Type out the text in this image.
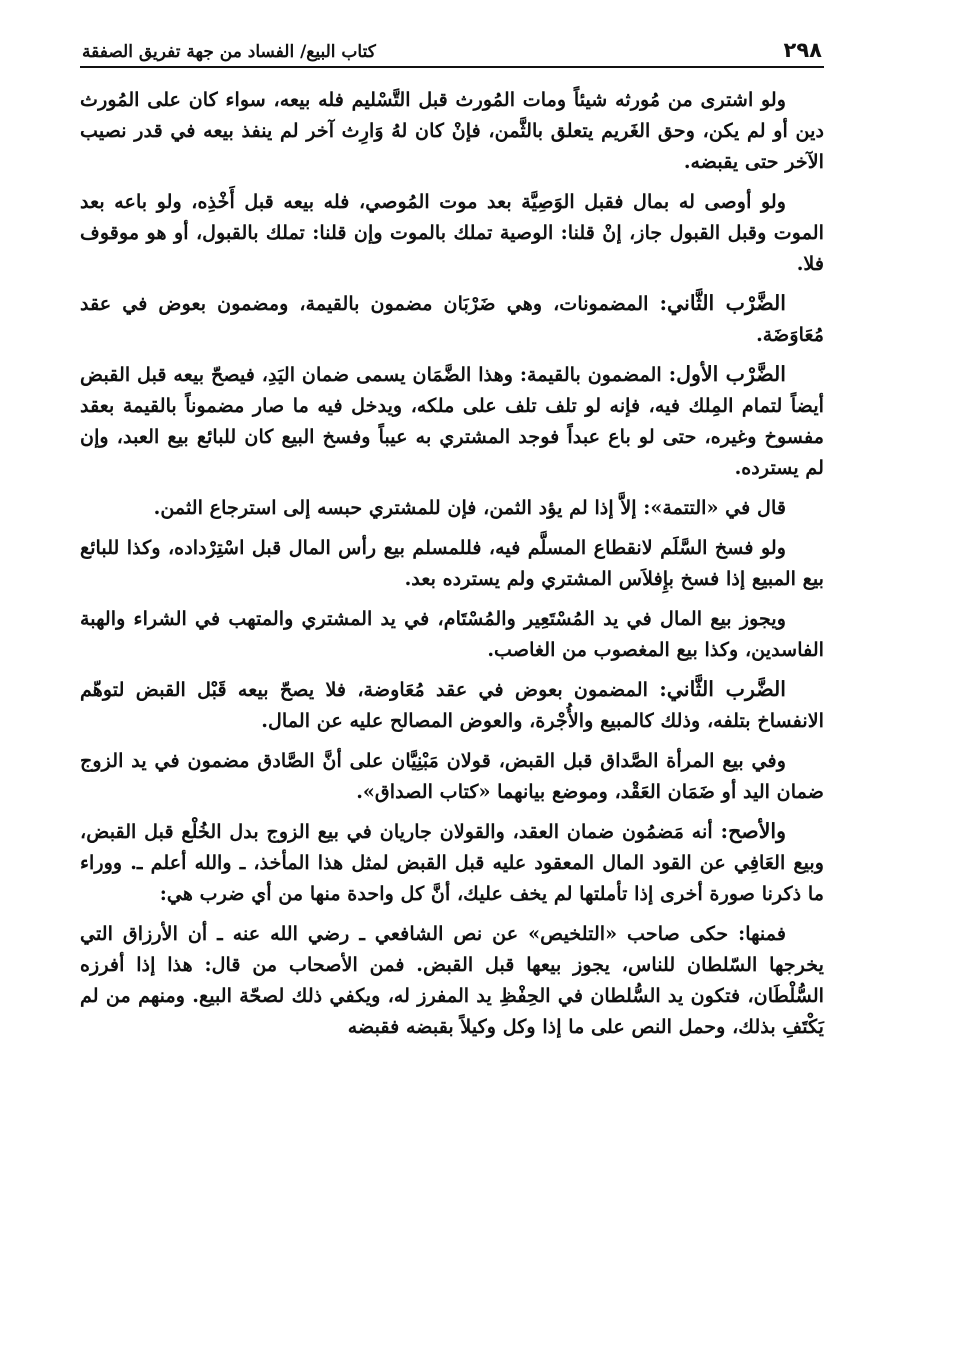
٢٩٨
كتاب البيع/ الفساد من جهة تفريق الصفقة

ولو اشترى من مُورثه شيئاً ومات المُورث قبل التَّسْليم فله بيعه، سواء كان على المُورث دين أو لم يكن، وحق الغَريم يتعلق بالثَّمن، فإنْ كان لهُ وَارِث آخر لم ينفذ بيعه في قدر نصيب الآخر حتى يقبضه.

ولو أوصى له بمال فقبل الوَصِيَّة بعد موت المُوصي، فله بيعه قبل أَخْذِه، ولو باعه بعد الموت وقبل القبول جاز، إنْ قلنا: الوصية تملك بالموت وإن قلنا: تملك بالقبول، أو هو موقوف فلا.

الضَّرْب الثَّاني: المضمونات، وهي ضَرْبَان مضمون بالقيمة، ومضمون بعوض في عقد مُعَاوَضَة.

الضَّرْب الأول: المضمون بالقيمة: وهذا الضَّمَان يسمى ضمان اليَدِ، فيصحّ بيعه قبل القبض أيضاً لتمام المِلك فيه، فإنه لو تلف تلف على ملكه، ويدخل فيه ما صار مضموناً بالقيمة بعقد مفسوخ وغيره، حتى لو باع عبداً فوجد المشتري به عيباً وفسخ البيع كان للبائع بيع العبد، وإن لم يسترده.

قال في «التتمة»: إلاَّ إذا لم يؤد الثمن، فإن للمشتري حبسه إلى استرجاع الثمن.

ولو فسخ السَّلَم لانقطاع المسلَّم فيه، فللمسلم بيع رأس المال قبل اسْتِرْداده، وكذا للبائع بيع المبيع إذا فسخ بإِفلاَس المشتري ولم يسترده بعد.

ويجوز بيع المال في يد المُسْتَعِير والمُسْتَام، في يد المشتري والمتهب في الشراء والهبة الفاسدين، وكذا بيع المغصوب من الغاصب.

الضَّرب الثَّاني: المضمون بعوض في عقد مُعَاوضة، فلا يصحّ بيعه قَبْل القبض لتوهّم الانفساخ بتلفه، وذلك كالمبيع والأُجْرة، والعوض المصالح عليه عن المال.

وفي بيع المرأة الصَّداق قبل القبض، قولان مَبْنِيَّان على أنَّ الصَّادق مضمون في يد الزوج ضمان اليد أو ضَمَان العَقْد، وموضع بيانهما «كتاب الصداق».

والأصح: أنه مَضمُون ضمان العقد، والقولان جاريان في بيع الزوج بدل الخُلْع قبل القبض، وبيع العَافِي عن القود المال المعقود عليه قبل القبض لمثل هذا المأخذ، ـ والله أعلم ـ. ووراء ما ذكرنا صورة أخرى إذا تأملتها لم يخف عليك، أنَّ كل واحدة منها من أي ضرب هي:

فمنها: حكى صاحب «التلخيص» عن نص الشافعي ـ رضي الله عنه ـ أن الأرزاق التي يخرجها السّلطان للناس، يجوز بيعها قبل القبض. فمن الأصحاب من قال: هذا إذا أفرزه السُّلْطَان، فتكون يد السُّلطان في الحِفْظِ يد المفرز له، ويكفي ذلك لصحّة البيع. ومنهم من لم يَكْتَفِ بذلك، وحمل النص على ما إذا وكل وكيلاً بقبضه فقبضه
